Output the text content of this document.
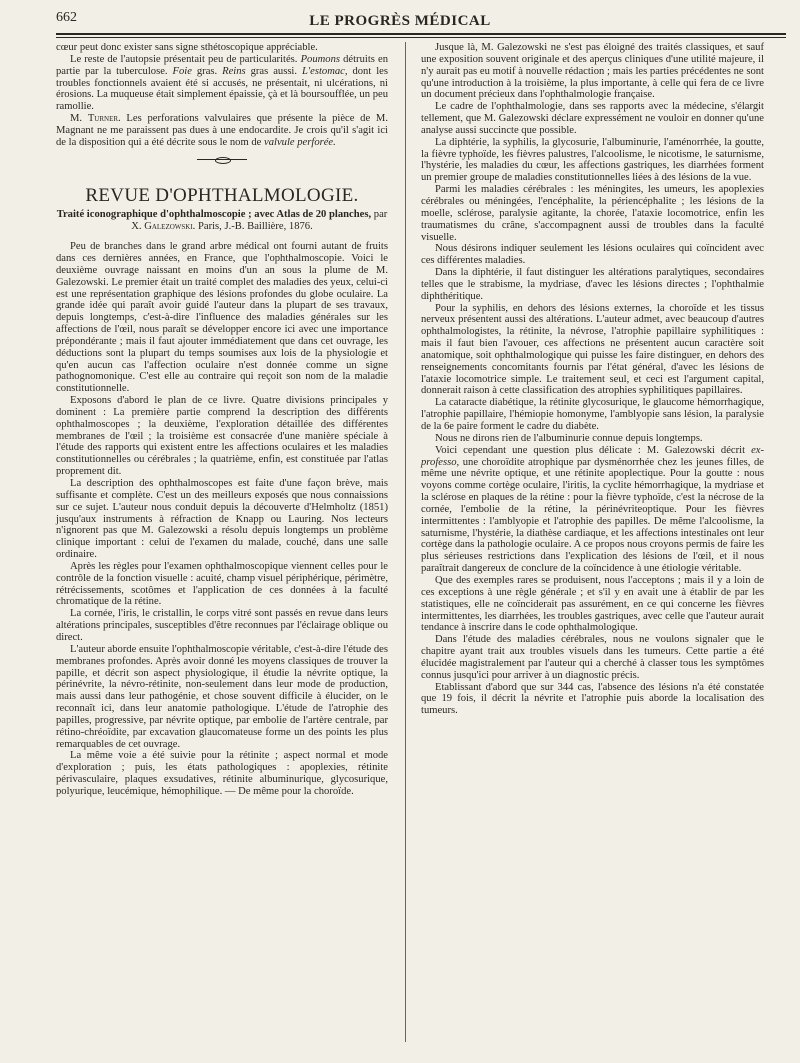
662	LE PROGRÈS MÉDICAL

cœur peut donc exister sans signe sthétoscopique appréciable.

Le reste de l'autopsie présentait peu de particularités. Poumons détruits en partie par la tuberculose. Foie gras. Reins gras aussi. L'estomac, dont les troubles fonctionnels avaient été si accusés, ne présentait, ni ulcérations, ni érosions. La muqueuse était simplement épaissie, çà et là boursoufflée, un peu ramollie.

M. Turner. Les perforations valvulaires que présente la pièce de M. Magnant ne me paraissent pas dues à une endocardite. Je crois qu'il s'agit ici de la disposition qui a été décrite sous le nom de valvule perforée.

REVUE D'OPHTHALMOLOGIE.
Traité iconographique d'ophthalmoscopie ; avec Atlas de 20 planches, par X. Galezowski. Paris, J.-B. Baillière, 1876.

Peu de branches dans le grand arbre médical ont fourni autant de fruits dans ces dernières années, en France, que l'ophthalmoscopie. Voici le deuxième ouvrage naissant en moins d'un an sous la plume de M. Galezowski. Le premier était un traité complet des maladies des yeux, celui-ci est une représentation graphique des lésions profondes du globe oculaire. La grande idée qui paraît avoir guidé l'auteur dans la plupart de ses travaux, depuis longtemps, c'est-à-dire l'influence des maladies générales sur les affections de l'œil, nous paraît se développer encore ici avec une importance prépondérante ; mais il faut ajouter immédiatement que dans cet ouvrage, les déductions sont la plupart du temps soumises aux lois de la physiologie et qu'en aucun cas l'affection oculaire n'est donnée comme un signe pathognomonique. C'est elle au contraire qui reçoit son nom de la maladie constitutionnelle.

Exposons d'abord le plan de ce livre. Quatre divisions principales y dominent : La première partie comprend la description des différents ophthalmoscopes ; la deuxième, l'exploration détaillée des différentes membranes de l'œil ; la troisième est consacrée d'une manière spéciale à l'étude des rapports qui existent entre les affections oculaires et les maladies constitutionnelles ou cérébrales ; la quatrième, enfin, est constituée par l'atlas proprement dit.

La description des ophthalmoscopes est faite d'une façon brève, mais suffisante et complète. C'est un des meilleurs exposés que nous connaissions sur ce sujet. L'auteur nous conduit depuis la découverte d'Helmholtz (1851) jusqu'aux instruments à réfraction de Knapp ou Lauring. Nos lecteurs n'ignorent pas que M. Galezowski a résolu depuis longtemps un problème clinique important : celui de l'examen du malade, couché, dans une salle ordinaire.

Après les règles pour l'examen ophthalmoscopique viennent celles pour le contrôle de la fonction visuelle : acuité, champ visuel périphérique, périmètre, rétrécissements, scotômes et l'application de ces données à la faculté chromatique de la rétine.

La cornée, l'iris, le cristallin, le corps vitré sont passés en revue dans leurs altérations principales, susceptibles d'être reconnues par l'éclairage oblique ou direct.

L'auteur aborde ensuite l'ophthalmoscopie véritable, c'est-à-dire l'étude des membranes profondes. Après avoir donné les moyens classiques de trouver la papille, et décrit son aspect physiologique, il étudie la névrite optique, la périnévrite, la névro-rétinite, non-seulement dans leur mode de production, mais aussi dans leur pathogénie, et chose souvent difficile à élucider, on le reconnaît ici, dans leur anatomie pathologique. L'étude de l'atrophie des papilles, progressive, par névrite optique, par embolie de l'artère centrale, par rétino-chréoïdite, par excavation glaucomateuse forme un des points les plus remarquables de cet ouvrage.

La même voie a été suivie pour la rétinite ; aspect normal et mode d'exploration ; puis, les états pathologiques : apoplexies, rétinite périvasculaire, plaques exsudatives, rétinite albuminurique, glycosurique, polyurique, leucémique, hémophilique. — De même pour la choroïde.

Jusque là, M. Galezowski ne s'est pas éloigné des traités classiques, et sauf une exposition souvent originale et des aperçus cliniques d'une utilité majeure, il n'y aurait pas eu motif à nouvelle rédaction ; mais les parties précédentes ne sont qu'une introduction à la troisième, la plus importante, à celle qui fera de ce livre un document précieux dans l'ophthalmologie française.

Le cadre de l'ophthalmologie, dans ses rapports avec la médecine, s'élargit tellement, que M. Galezowski déclare expressément ne vouloir en donner qu'une analyse aussi succincte que possible.

La diphtérie, la syphilis, la glycosurie, l'albuminurie, l'aménorrhée, la goutte, la fièvre typhoïde, les fièvres palustres, l'alcoolisme, le nicotisme, le saturnisme, l'hystérie, les maladies du cœur, les affections gastriques, les diarrhées forment un premier groupe de maladies constitutionnelles liées à des lésions de la vue.

Parmi les maladies cérébrales : les méningites, les umeurs, les apoplexies cérébrales ou méningées, l'encéphalite, la périencéphalite ; les lésions de la moelle, sclérose, paralysie agitante, la chorée, l'ataxie locomotrice, enfin les traumatismes du crâne, s'accompagnent aussi de troubles dans la faculté visuelle.

Nous désirons indiquer seulement les lésions oculaires qui coïncident avec ces différentes maladies.

Dans la diphtérie, il faut distinguer les altérations paralytiques, secondaires telles que le strabisme, la mydriase, d'avec les lésions directes ; l'ophthalmie diphthéritique.

Pour la syphilis, en dehors des lésions externes, la choroïde et les tissus nerveux présentent aussi des altérations. L'auteur admet, avec beaucoup d'autres ophthalmologistes, la rétinite, la névrose, l'atrophie papillaire syphilitiques : mais il faut bien l'avouer, ces affections ne présentent aucun caractère soit anatomique, soit ophthalmologique qui puisse les faire distinguer, en dehors des renseignements concomitants fournis par l'état général, d'avec les lésions de l'ataxie locomotrice simple. Le traitement seul, et ceci est l'argument capital, donnerait raison à cette classification des atrophies syphilitiques papillaires.

La cataracte diabétique, la rétinite glycosurique, le glaucome hémorrhagique, l'atrophie papillaire, l'hémiopie homonyme, l'amblyopie sans lésion, la paralysie de la 6e paire forment le cadre du diabète.

Nous ne dirons rien de l'albuminurie connue depuis longtemps.

Voici cependant une question plus délicate : M. Galezowski décrit ex-professo, une choroïdite atrophique par dysménorrhée chez les jeunes filles, de même une névrite optique, et une rétinite apoplectique. Pour la goutte : nous voyons comme cortège oculaire, l'iritis, la cyclite hémorrhagique, la mydriase et la sclérose en plaques de la rétine : pour la fièvre typhoïde, c'est la nécrose de la cornée, l'embolie de la rétine, la périnévriteoptique. Pour les fièvres intermittentes : l'amblyopie et l'atrophie des papilles. De même l'alcoolisme, la saturnisme, l'hystérie, la diathèse cardiaque, et les affections intestinales ont leur cortège dans la pathologie oculaire. A ce propos nous croyons permis de faire les plus sérieuses restrictions dans l'explication des lésions de l'œil, et il nous paraîtrait dangereux de conclure de la coïncidence à une étiologie véritable.

Que des exemples rares se produisent, nous l'acceptons ; mais il y a loin de ces exceptions à une règle générale ; et s'il y en avait une à établir de par les statistiques, elle ne coïnciderait pas assurément, en ce qui concerne les fièvres intermittentes, les diarrhées, les troubles gastriques, avec celle que l'auteur aurait tendance à inscrire dans le code ophthalmologique.

Dans l'étude des maladies cérébrales, nous ne voulons signaler que le chapitre ayant trait aux troubles visuels dans les tumeurs. Cette partie a été élucidée magistralement par l'auteur qui a cherché à classer tous les symptômes connus jusqu'ici pour arriver à un diagnostic précis.

Etablissant d'abord que sur 344 cas, l'absence des lésions n'a été constatée que 19 fois, il décrit la névrite et l'atrophie puis aborde la localisation des tumeurs.
